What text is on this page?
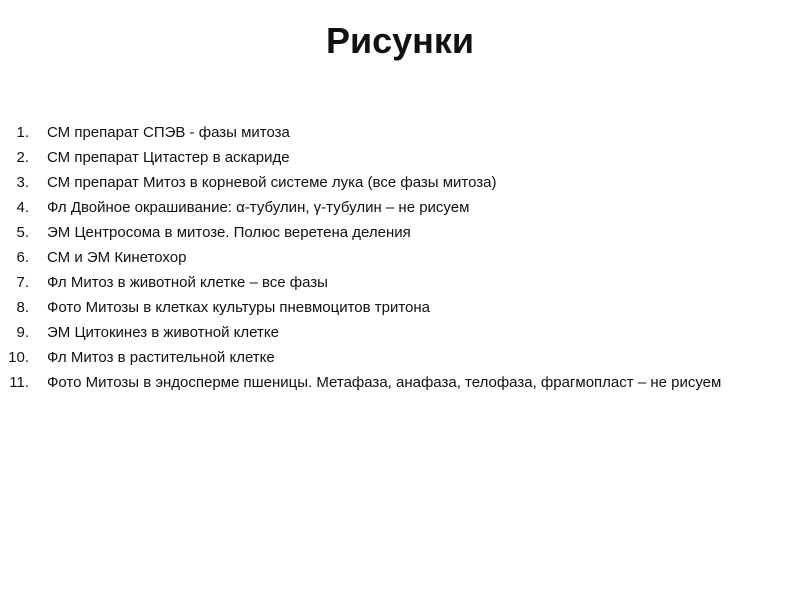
Рисунки
1. СМ препарат СПЭВ - фазы митоза
2. СМ препарат Цитастер в аскариде
3. СМ препарат Митоз в корневой системе лука (все фазы митоза)
4. Фл Двойное окрашивание: α-тубулин, γ-тубулин – не рисуем
5. ЭМ Центросома в митозе. Полюс веретена деления
6. СМ и ЭМ Кинетохор
7. Фл Митоз в животной клетке – все фазы
8. Фото Митозы в клетках культуры пневмоцитов тритона
9. ЭМ Цитокинез в животной клетке
10. Фл Митоз в растительной клетке
11. Фото Митозы в эндосперме пшеницы. Метафаза, анафаза, телофаза, фрагмопласт – не рисуем
